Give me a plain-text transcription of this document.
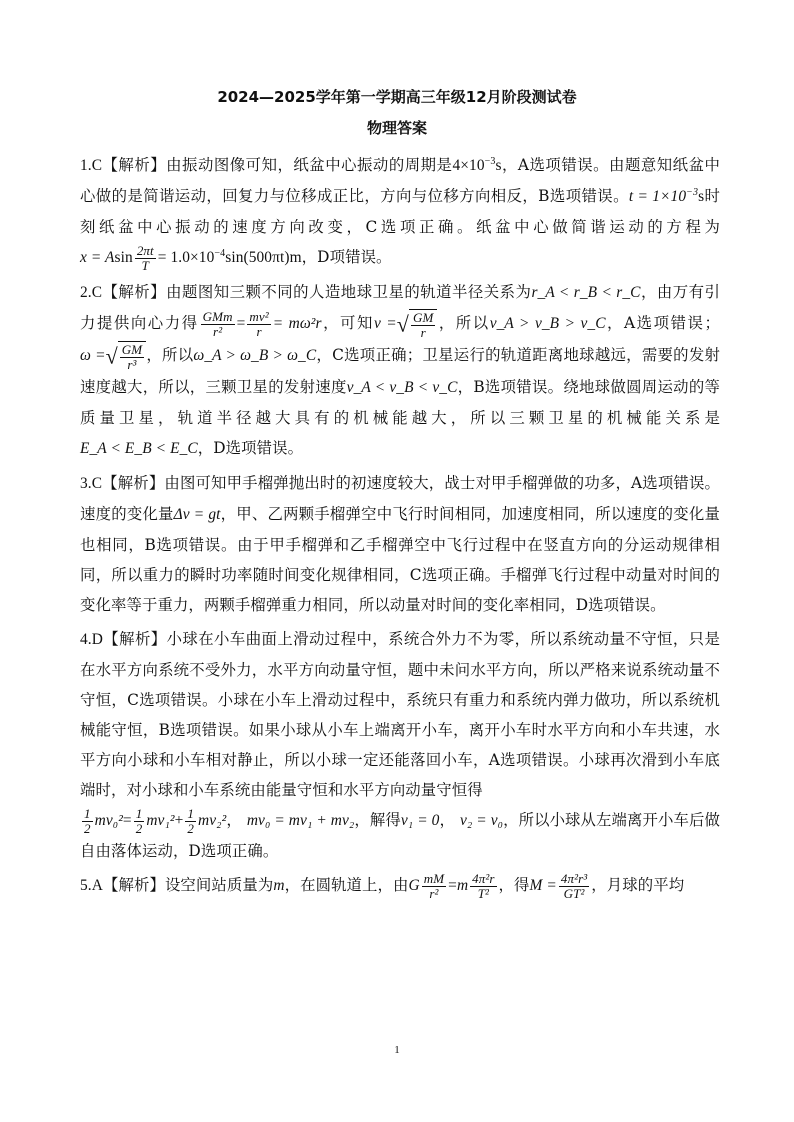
2024—2025学年第一学期高三年级12月阶段测试卷
物理答案

1.C【解析】由振动图像可知，纸盆中心振动的周期是$4\times 10^{-3}s$，A选项错误。由题意知纸盆中心做的是简谐运动，回复力与位移成正比，方向与位移方向相反，B选项错误。$t = 1\times 10^{-3}s$时刻纸盆中心振动的速度方向改变，C选项正确。纸盆中心做简谐运动的方程为x = Asin $\frac{2\pi t}{T} = 1.0\times 10^{-4}\sin(500\pi t)m$，D项错误。

2.C【解析】由题图知三颗不同的人造地球卫星的轨道半径关系为r_A < r_B < r_C，由万有引力提供向心力得 $\frac{\text{GMm}}{\text{r²}} = \frac{\text{mv²}}{r} = m\omega^2r$，可知v =√ $\frac{GM}{r}$ ，所以v_A > v_B > v_C，A选项错误；ω =√ $\frac{GM}{\text{r³}}$ ，所以ω_A > ω_B > ω_C，C选项正确；卫星运行的轨道距离地球越远，需要的发射速度越大，所以，三颗卫星的发射速度v_A < v_B < v_C，B选项错误。绕地球做圆周运动的等质量卫星，轨道半径越大具有的机械能越大，所以三颗卫星的机械能关系是E_A < E_B < E_C，D选项错误。

3.C【解析】由图可知甲手榴弹抛出时的初速度较大，战士对甲手榴弹做的功多，A选项错误。速度的变化量Δv = gt，甲、乙两颗手榴弹空中飞行时间相同，加速度相同，所以速度的变化量也相同，B选项错误。由于甲手榴弹和乙手榴弹空中飞行过程中在竖直方向的分运动规律相同，所以重力的瞬时功率随时间变化规律相同，C选项正确。手榴弹飞行过程中动量对时间的变化率等于重力，两颗手榴弹重力相同，所以动量对时间的变化率相同，D选项错误。

4.D【解析】小球在小车曲面上滑动过程中，系统合外力不为零，所以系统动量不守恒，只是在水平方向系统不受外力，水平方向动量守恒，题中未问水平方向，所以严格来说系统动量不守恒，C选项错误。小球在小车上滑动过程中，系统只有重力和系统内弹力做功，所以系统机械能守恒，B选项错误。如果小球从小车上端离开小车，离开小车时水平方向和小车共速，水平方向小球和小车相对静止，所以小球一定还能落回小车，A选项错误。小球再次滑到小车底端时，对小球和小车系统由能量守恒和水平方向动量守恒得

$\frac{1}{2} mv_0^2= \frac{1}{2} mv_1^2+ \frac{1}{2} mv_2^2$， mv₀ = mv₁ + mv₂，解得v₁ = 0， v₂ = v₀，所以小球从左端离开小车后做自由落体运动，D选项正确。

5.A【解析】设空间站质量为m，在圆轨道上，由G $\frac{mM}{\text{r²}} =m \frac{\text{4π²r}}{\text{T²}}$ ，得$M = \frac{\text{4π²r³}}{\text{GT²}}$ ，月球的平均

1
